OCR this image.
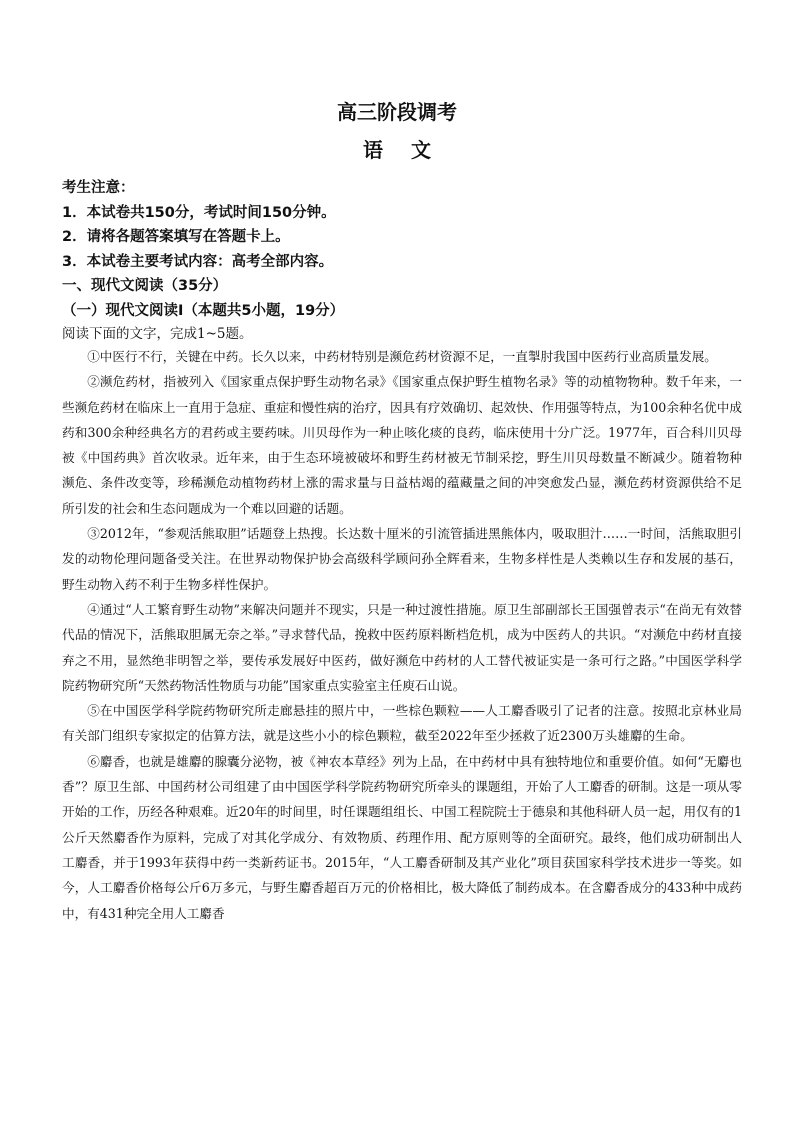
高三阶段调考
语文
考生注意：
1．本试卷共150分，考试时间150分钟。
2．请将各题答案填写在答题卡上。
3．本试卷主要考试内容：高考全部内容。
一、现代文阅读（35分）
（一）现代文阅读Ⅰ（本题共5小题，19分）
阅读下面的文字，完成1~5题。

①中医行不行，关键在中药。长久以来，中药材特别是濒危药材资源不足，一直掣肘我国中医药行业高质量发展。

②濒危药材，指被列入《国家重点保护野生动物名录》《国家重点保护野生植物名录》等的动植物物种。数千年来，一些濒危药材在临床上一直用于急症、重症和慢性病的治疗，因具有疗效确切、起效快、作用强等特点，为100余种名优中成药和300余种经典名方的君药或主要药味。川贝母作为一种止咳化痰的良药，临床使用十分广泛。1977年，百合科川贝母被《中国药典》首次收录。近年来，由于生态环境被破坏和野生药材被无节制采挖，野生川贝母数量不断减少。随着物种濒危、条件改变等，珍稀濒危动植物药材上涨的需求量与日益枯竭的蕴藏量之间的冲突愈发凸显，濒危药材资源供给不足所引发的社会和生态问题成为一个难以回避的话题。

③2012年，“参观活熊取胆”话题登上热搜。长达数十厘米的引流管插进黑熊体内，吸取胆汁……一时间，活熊取胆引发的动物伦理问题备受关注。在世界动物保护协会高级科学顾问孙全辉看来，生物多样性是人类赖以生存和发展的基石，野生动物入药不利于生物多样性保护。

④通过“人工繁育野生动物”来解决问题并不现实，只是一种过渡性措施。原卫生部副部长王国强曾表示“在尚无有效替代品的情况下，活熊取胆属无奈之举。”寻求替代品，挽救中医药原料断档危机，成为中医药人的共识。“对濒危中药材直接弃之不用，显然绝非明智之举，要传承发展好中医药，做好濒危中药材的人工替代被证实是一条可行之路。”中国医学科学院药物研究所“天然药物活性物质与功能”国家重点实验室主任庾石山说。

⑤在中国医学科学院药物研究所走廊悬挂的照片中，一些棕色颗粒——人工麝香吸引了记者的注意。按照北京林业局有关部门组织专家拟定的估算方法，就是这些小小的棕色颗粒，截至2022年至少拯救了近2300万头雄麝的生命。

⑥麝香，也就是雄麝的腺囊分泌物，被《神农本草经》列为上品，在中药材中具有独特地位和重要价值。如何“无麝也香”？原卫生部、中国药材公司组建了由中国医学科学院药物研究所牵头的课题组，开始了人工麝香的研制。这是一项从零开始的工作，历经各种艰难。近20年的时间里，时任课题组组长、中国工程院院士于德泉和其他科研人员一起，用仅有的1公斤天然麝香作为原料，完成了对其化学成分、有效物质、药理作用、配方原则等的全面研究。最终，他们成功研制出人工麝香，并于1993年获得中药一类新药证书。2015年，“人工麝香研制及其产业化”项目获国家科学技术进步一等奖。如今，人工麝香价格每公斤6万多元，与野生麝香超百万元的价格相比，极大降低了制药成本。在含麝香成分的433种中成药中，有431种完全用人工麝香
